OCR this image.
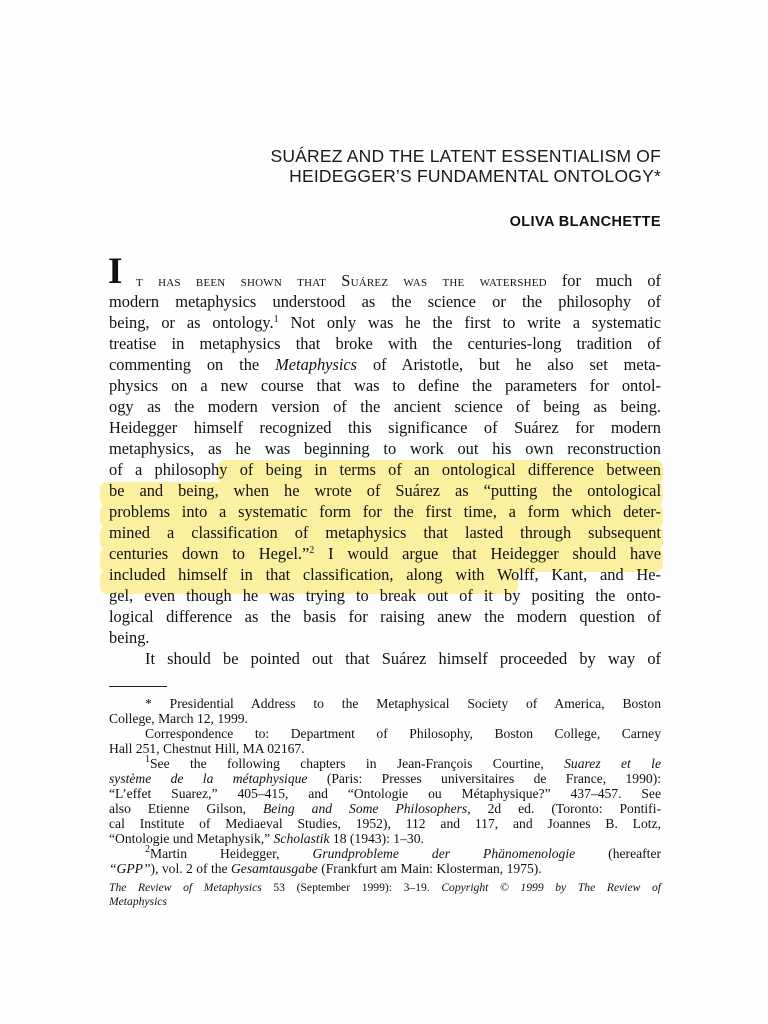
SUÁREZ AND THE LATENT ESSENTIALISM OF
HEIDEGGER’S FUNDAMENTAL ONTOLOGY*
OLIVA BLANCHETTE
I t has been shown that Suárez was the watershed for much of
modern metaphysics understood as the science or the philosophy of
being, or as ontology.$^1$ Not only was he the first to write a systematic
treatise in metaphysics that broke with the centuries-long tradition of
commenting on the Metaphysics of Aristotle, but he also set meta-
physics on a new course that was to define the parameters for ontol-
ogy as the modern version of the ancient science of being as being.
Heidegger himself recognized this significance of Suárez for modern
metaphysics, as he was beginning to work out his own reconstruction
of a philosophy of being in terms of an ontological difference between
be and being, when he wrote of Suárez as “putting the ontological
problems into a systematic form for the first time, a form which deter-
mined a classification of metaphysics that lasted through subsequent
centuries down to Hegel.”$^2$ I would argue that Heidegger should have
included himself in that classification, along with Wolff, Kant, and He-
gel, even though he was trying to break out of it by positing the onto-
logical difference as the basis for raising anew the modern question of
being.
It should be pointed out that Suárez himself proceeded by way of
* Presidential Address to the Metaphysical Society of America, Boston
College, March 12, 1999.
Correspondence to: Department of Philosophy, Boston College, Carney
Hall 251, Chestnut Hill, MA 02167.
$^1$See the following chapters in Jean-François Courtine, Suarez et le
système de la métaphysique (Paris: Presses universitaires de France, 1990):
“L’effet Suarez,” 405–415, and “Ontologie ou Métaphysique?” 437–457. See
also Etienne Gilson, Being and Some Philosophers, 2d ed. (Toronto: Pontifi-
cal Institute of Mediaeval Studies, 1952), 112 and 117, and Joannes B. Lotz,
“Ontologie und Metaphysik,” Scholastik 18 (1943): 1–30.
$^2$Martin Heidegger, Grundprobleme der Phänomenologie (hereafter
“GPP”), vol. 2 of the Gesamtausgabe (Frankfurt am Main: Klosterman, 1975).
The Review of Metaphysics 53 (September 1999): 3–19. Copyright © 1999 by The Review of
Metaphysics
